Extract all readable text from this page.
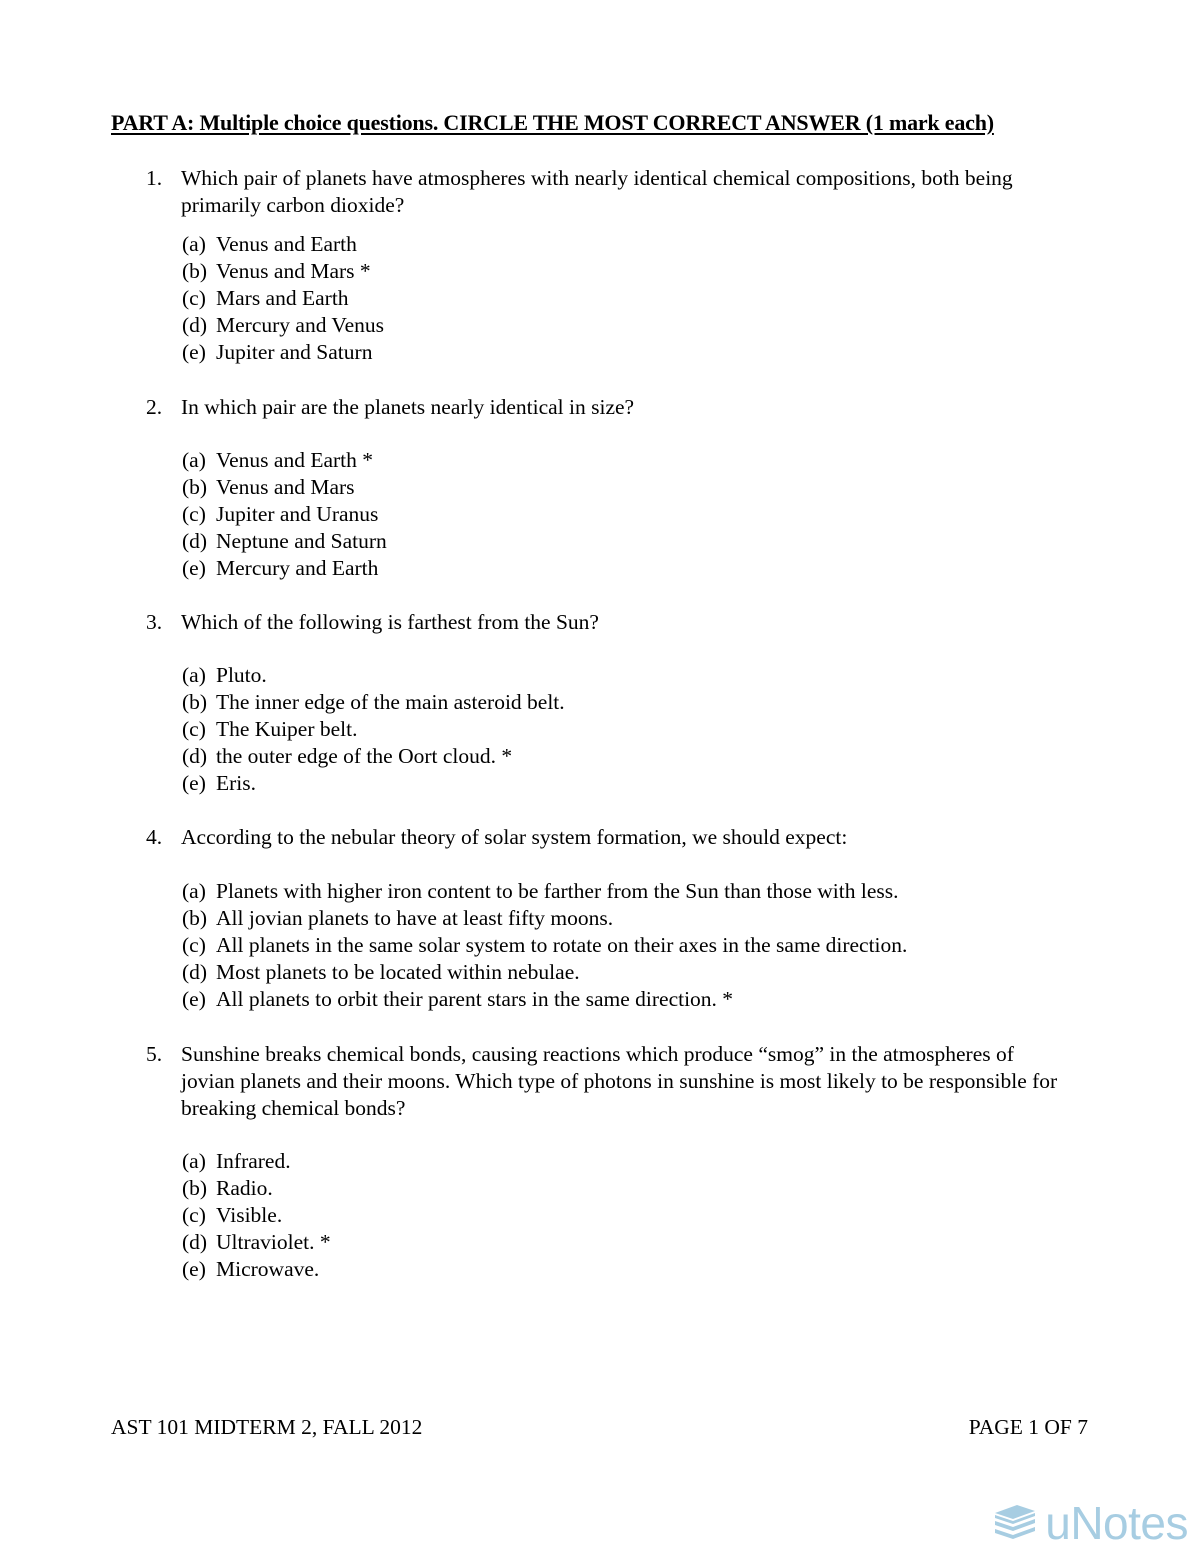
PART A: Multiple choice questions. CIRCLE THE MOST CORRECT ANSWER (1 mark each)
1. Which pair of planets have atmospheres with nearly identical chemical compositions, both being primarily carbon dioxide?
(a) Venus and Earth
(b) Venus and Mars *
(c) Mars and Earth
(d) Mercury and Venus
(e) Jupiter and Saturn
2. In which pair are the planets nearly identical in size?
(a) Venus and Earth *
(b) Venus and Mars
(c) Jupiter and Uranus
(d) Neptune and Saturn
(e) Mercury and Earth
3. Which of the following is farthest from the Sun?
(a) Pluto.
(b) The inner edge of the main asteroid belt.
(c) The Kuiper belt.
(d) the outer edge of the Oort cloud. *
(e) Eris.
4. According to the nebular theory of solar system formation, we should expect:
(a) Planets with higher iron content to be farther from the Sun than those with less.
(b) All jovian planets to have at least fifty moons.
(c) All planets in the same solar system to rotate on their axes in the same direction.
(d) Most planets to be located within nebulae.
(e) All planets to orbit their parent stars in the same direction. *
5. Sunshine breaks chemical bonds, causing reactions which produce “smog” in the atmospheres of jovian planets and their moons. Which type of photons in sunshine is most likely to be responsible for breaking chemical bonds?
(a) Infrared.
(b) Radio.
(c) Visible.
(d) Ultraviolet. *
(e) Microwave.
AST 101 MIDTERM 2, FALL 2012	PAGE 1 OF 7
uNotes
